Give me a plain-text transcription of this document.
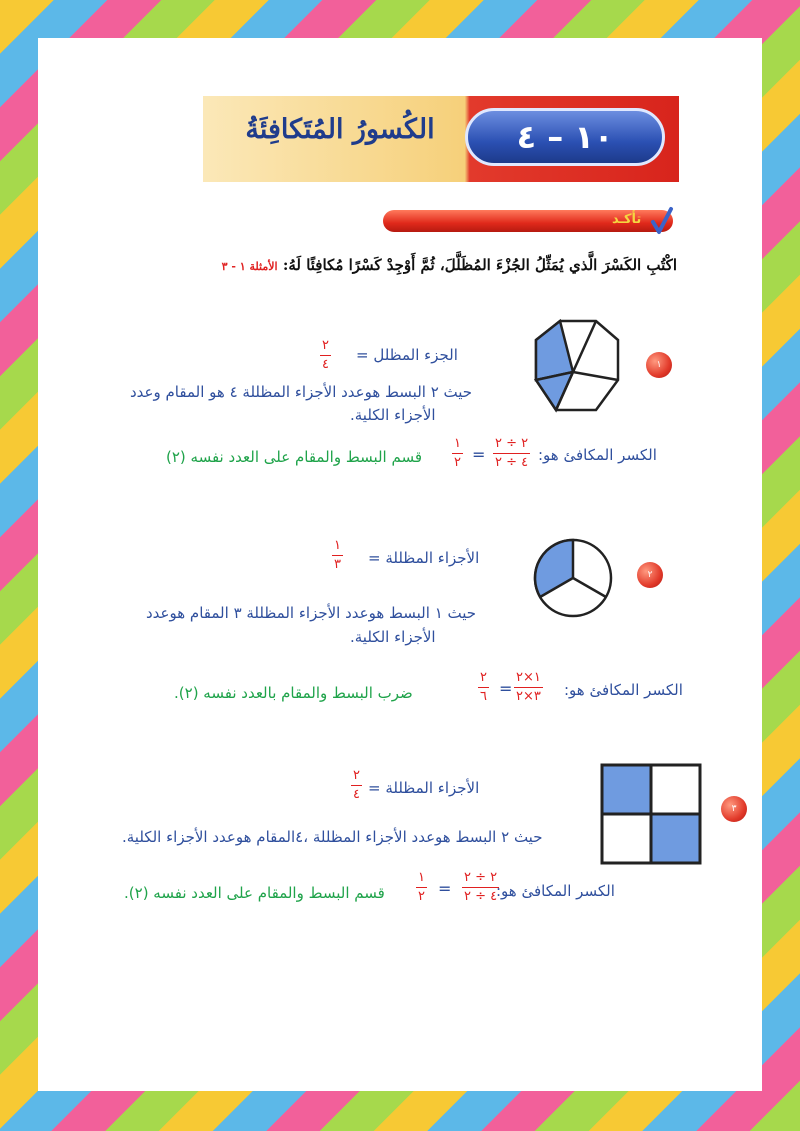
الكُسورُ المُتَكافِئَةُ	١٠ – ٤
تأكـد
اكْتُبِ الكَسْرَ الَّذي يُمَثِّلُ الجُزْءَ المُظَلَّلَ، ثُمَّ أَوْجِدْ كَسْرًا مُكافِئًا لَهُ: الأمثلة ١ - ٣
١
الجزء المظلل =
٢
٤
حيث ٢ البسط هوعدد الأجزاء المظللة ٤ هو المقام وعدد
الأجزاء الكلية.
الكسر المكافئ هو:
٢ ÷ ٢
٤ ÷ ٢
=
١
٢
قسم البسط والمقام على العدد نفسه (٢)
٢
الأجزاء المظللة =
١
٣
حيث ١ البسط هوعدد الأجزاء المظللة ٣ المقام هوعدد
الأجزاء الكلية.
الكسر المكافئ هو:
١×٢
٣×٢
=
٢
٦
ضرب البسط والمقام بالعدد نفسه (٢).
٣
الأجزاء المظللة =
٢
٤
حيث ٢ البسط هوعدد الأجزاء المظللة ،٤المقام هوعدد الأجزاء الكلية.
الكسر المكافئ هو:
٢ ÷ ٢
٤ ÷ ٢
=
١
٢
قسم البسط والمقام على العدد نفسه (٢).
